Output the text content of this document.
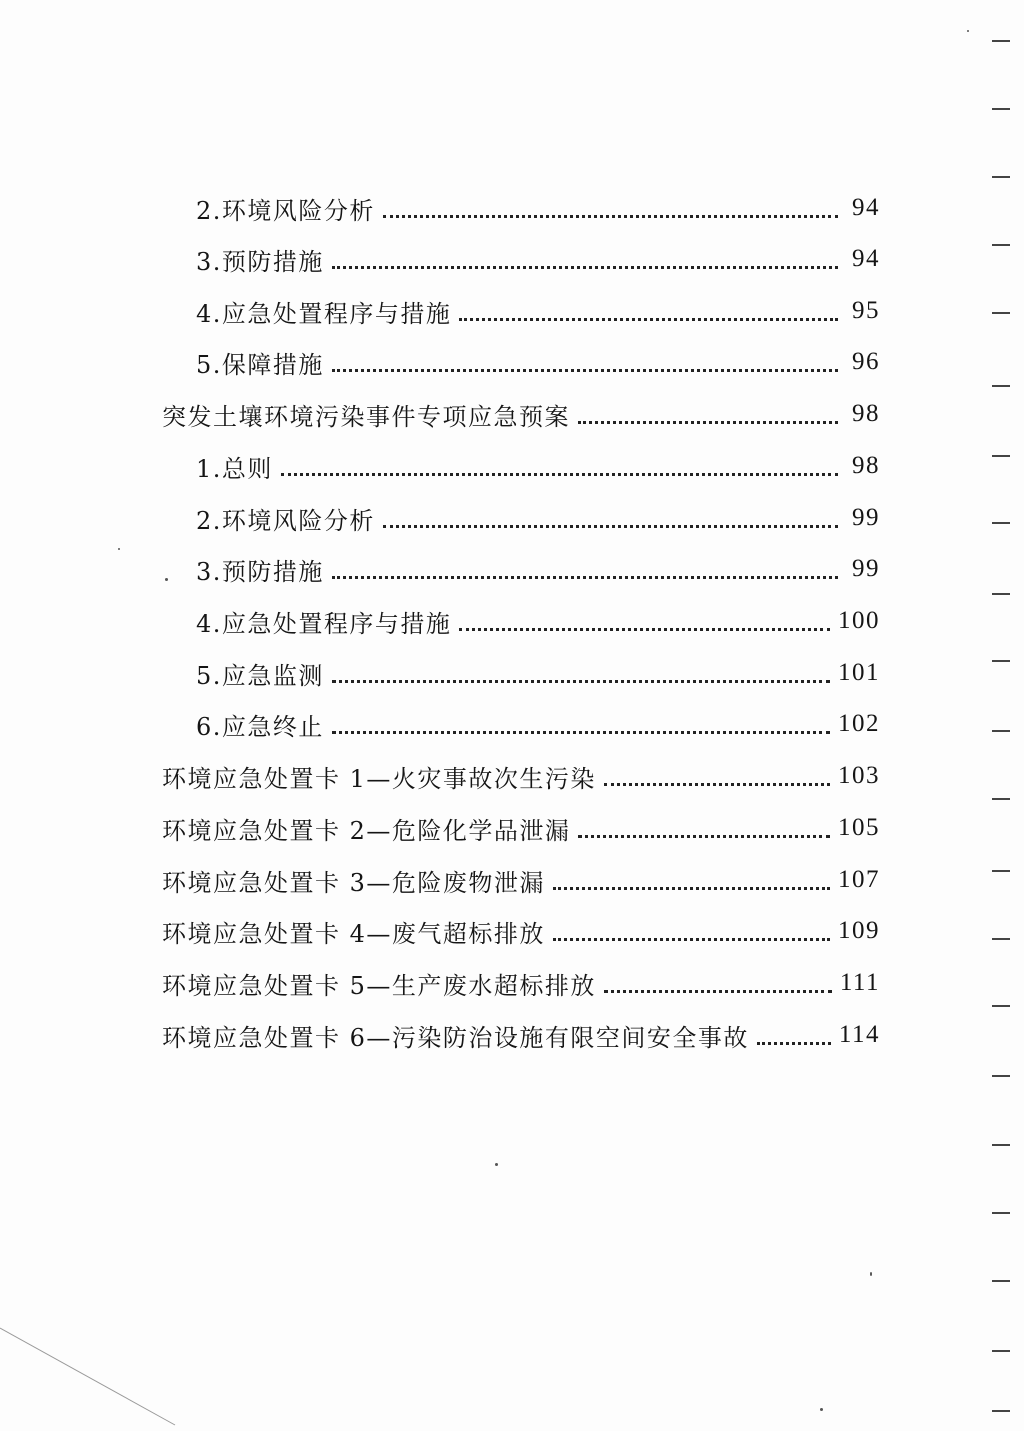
2.环境风险分析	94
3.预防措施	94
4.应急处置程序与措施	95
5.保障措施	96
突发土壤环境污染事件专项应急预案	98
1.总则	98
2.环境风险分析	99
3.预防措施	99
4.应急处置程序与措施	100
5.应急监测	101
6.应急终止	102
环境应急处置卡 1—火灾事故次生污染	103
环境应急处置卡 2—危险化学品泄漏	105
环境应急处置卡 3—危险废物泄漏	107
环境应急处置卡 4—废气超标排放	109
环境应急处置卡 5—生产废水超标排放	111
环境应急处置卡 6—污染防治设施有限空间安全事故	114
